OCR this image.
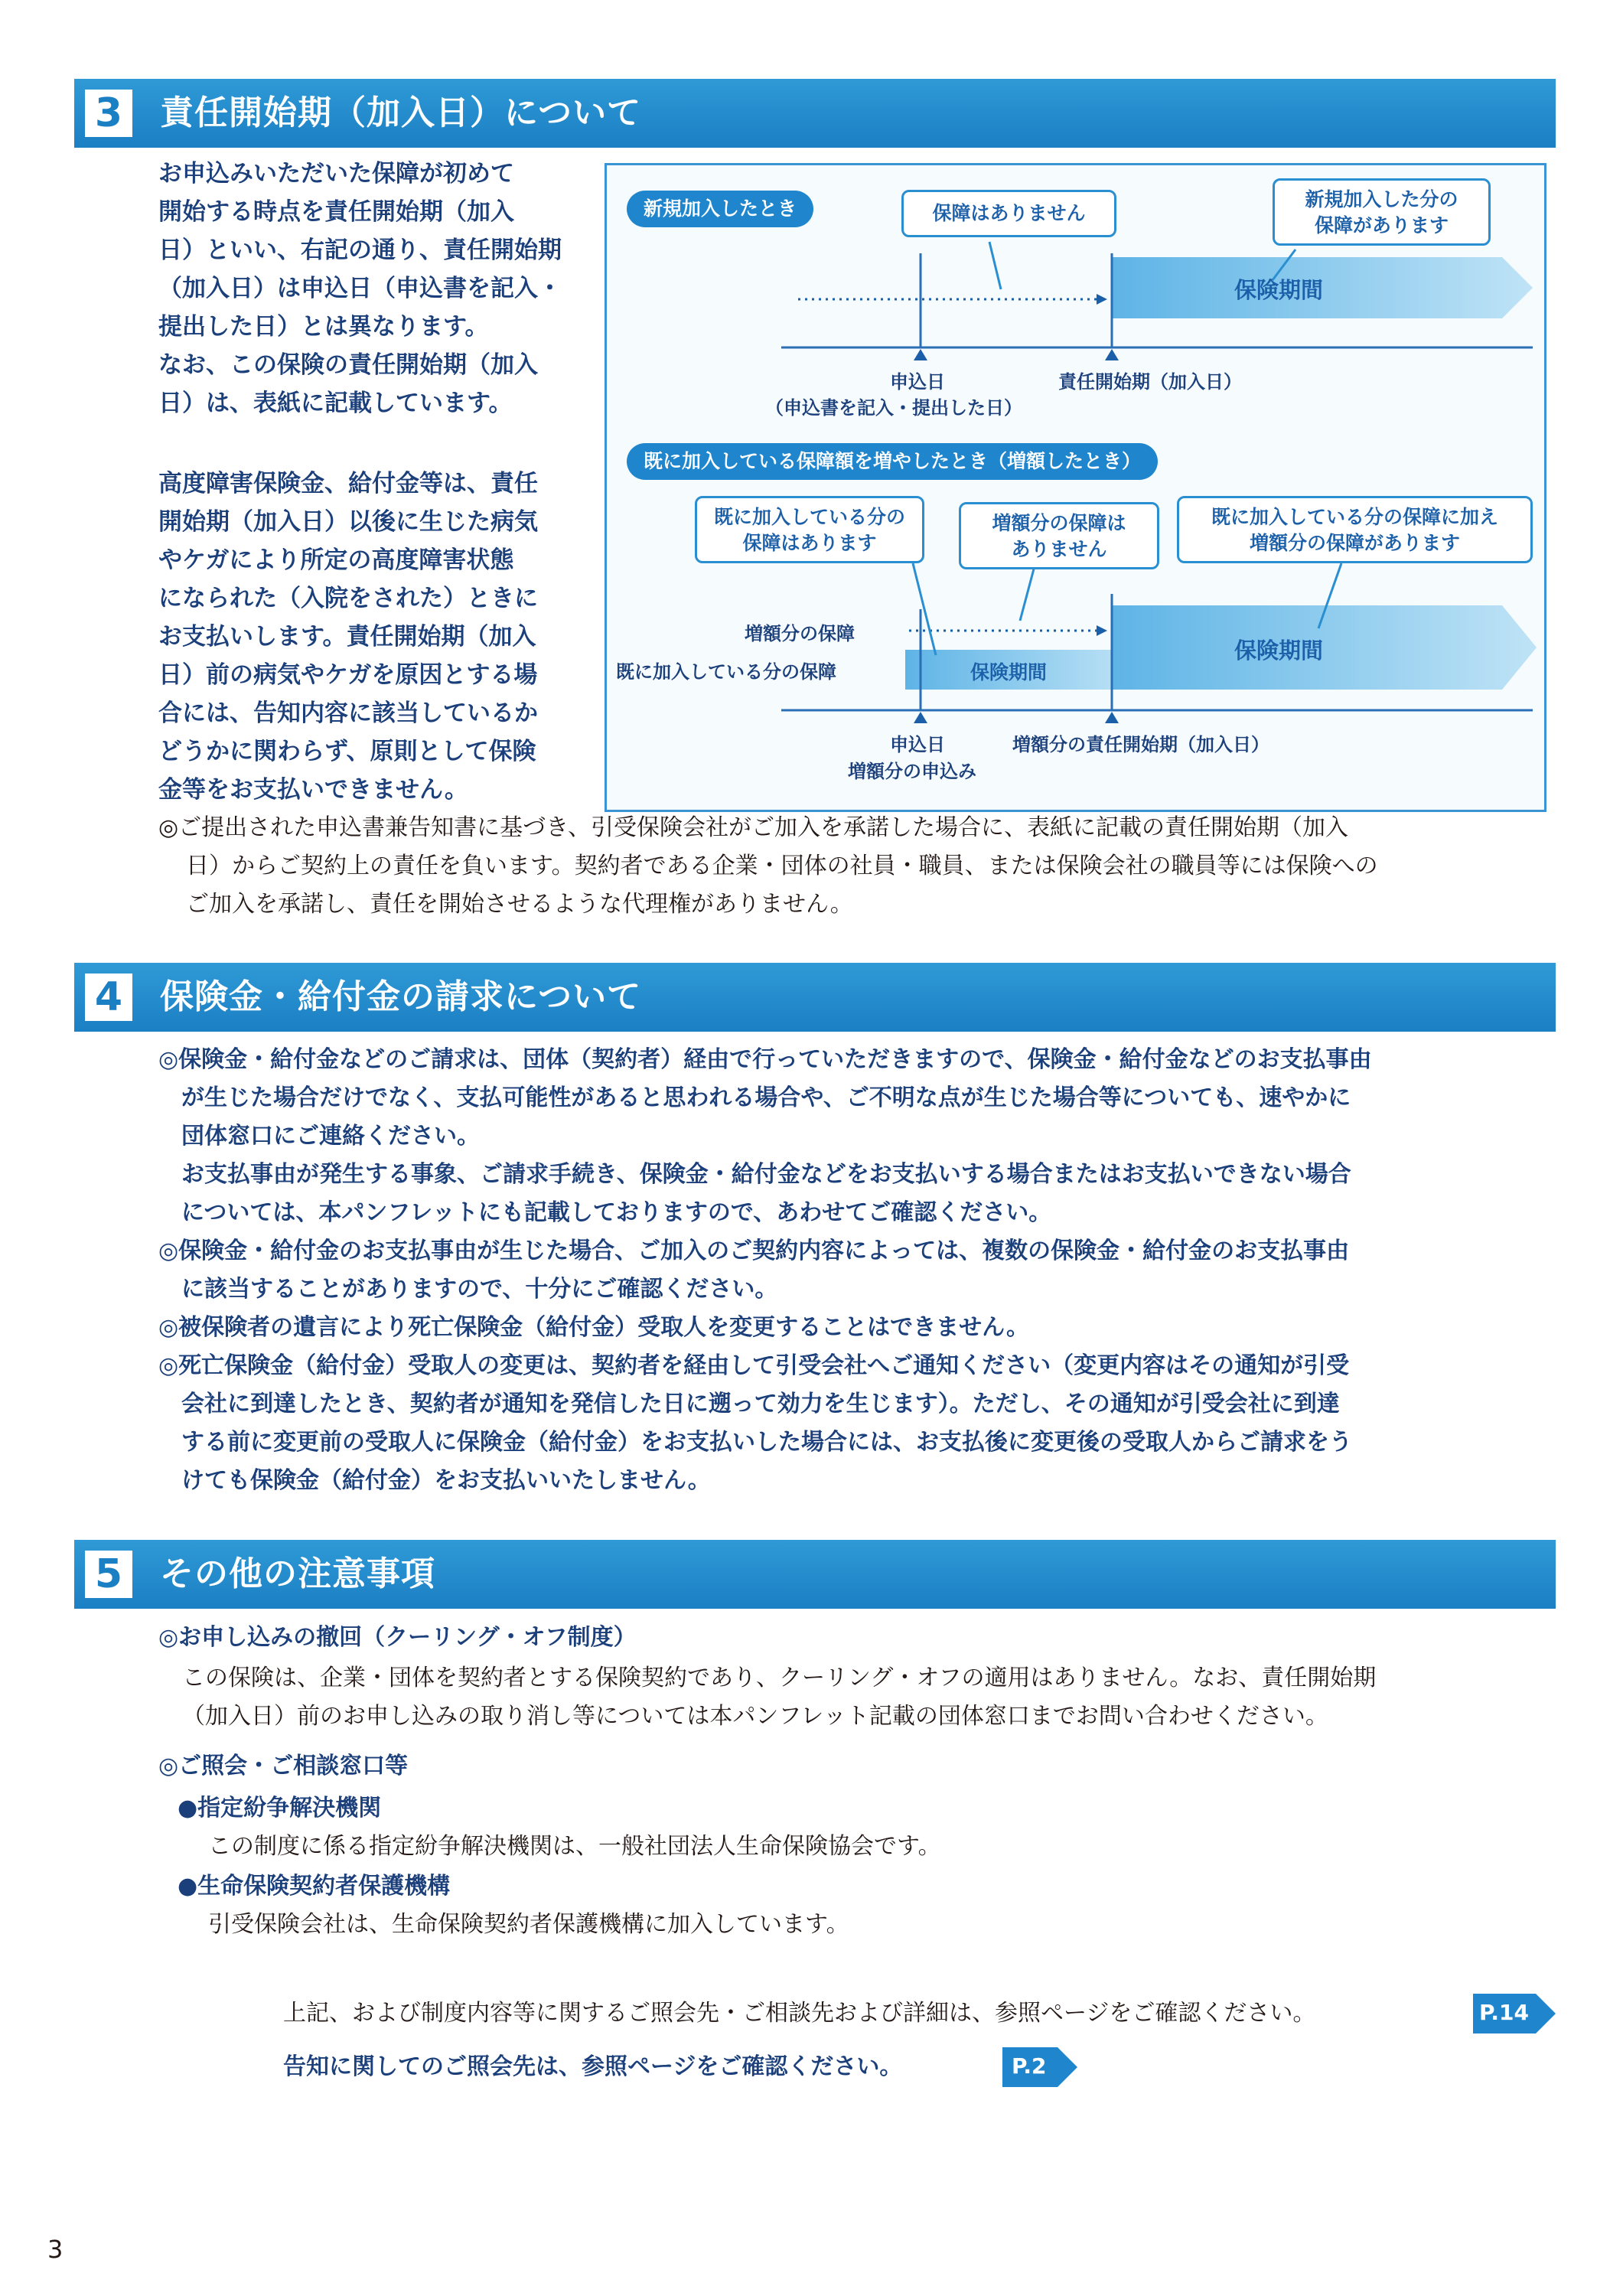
3 責任開始期（加入日）について
お申込みいただいた保障が初めて
開始する時点を責任開始期（加入
日）といい、右記の通り、責任開始期
（加入日）は申込日（申込書を記入・
提出した日）とは異なります。
なお、この保険の責任開始期（加入
日）は、表紙に記載しています。
高度障害保険金、給付金等は、責任
開始期（加入日）以後に生じた病気
やケガにより所定の高度障害状態
になられた（入院をされた）ときに
お支払いします。責任開始期（加入
日）前の病気やケガを原因とする場
合には、告知内容に該当しているか
どうかに関わらず、原則として保険
金等をお支払いできません。
新規加入したとき	保障はありません
新規加入した分の
保障があります
保険期間
申込日
（申込書を記入・提出した日）
責任開始期（加入日）
既に加入している保障額を増やしたとき（増額したとき）
既に加入している分の
保障はあります
増額分の保障は
ありません
既に加入している分の保障に加え
増額分の保障があります
増額分の保障
既に加入している分の保障	保険期間
保険期間
申込日
増額分の申込み
増額分の責任開始期（加入日）
◎ご提出された申込書兼告知書に基づき、引受保険会社がご加入を承諾した場合に、表紙に記載の責任開始期（加入
日）からご契約上の責任を負います。契約者である企業・団体の社員・職員、または保険会社の職員等には保険への
ご加入を承諾し、責任を開始させるような代理権がありません。
4 保険金・給付金の請求について
◎保険金・給付金などのご請求は、団体（契約者）経由で行っていただきますので、保険金・給付金などのお支払事由
　が生じた場合だけでなく、支払可能性があると思われる場合や、ご不明な点が生じた場合等についても、速やかに
　団体窓口にご連絡ください。
　お支払事由が発生する事象、ご請求手続き、保険金・給付金などをお支払いする場合またはお支払いできない場合
　については、本パンフレットにも記載しておりますので、あわせてご確認ください。
◎保険金・給付金のお支払事由が生じた場合、ご加入のご契約内容によっては、複数の保険金・給付金のお支払事由
　に該当することがありますので、十分にご確認ください。
◎被保険者の遺言により死亡保険金（給付金）受取人を変更することはできません。
◎死亡保険金（給付金）受取人の変更は、契約者を経由して引受会社へご通知ください（変更内容はその通知が引受
　会社に到達したとき、契約者が通知を発信した日に遡って効力を生じます）。ただし、その通知が引受会社に到達
　する前に変更前の受取人に保険金（給付金）をお支払いした場合には、お支払後に変更後の受取人からご請求をう
　けても保険金（給付金）をお支払いいたしません。
5 その他の注意事項
◎お申し込みの撤回（クーリング・オフ制度）
この保険は、企業・団体を契約者とする保険契約であり、クーリング・オフの適用はありません。なお、責任開始期
（加入日）前のお申し込みの取り消し等については本パンフレット記載の団体窓口までお問い合わせください。
◎ご照会・ご相談窓口等
●指定紛争解決機関
この制度に係る指定紛争解決機関は、一般社団法人生命保険協会です。
●生命保険契約者保護機構
引受保険会社は、生命保険契約者保護機構に加入しています。
上記、および制度内容等に関するご照会先・ご相談先および詳細は、参照ページをご確認ください。	P.14
告知に関してのご照会先は、参照ページをご確認ください。	P.2
3
